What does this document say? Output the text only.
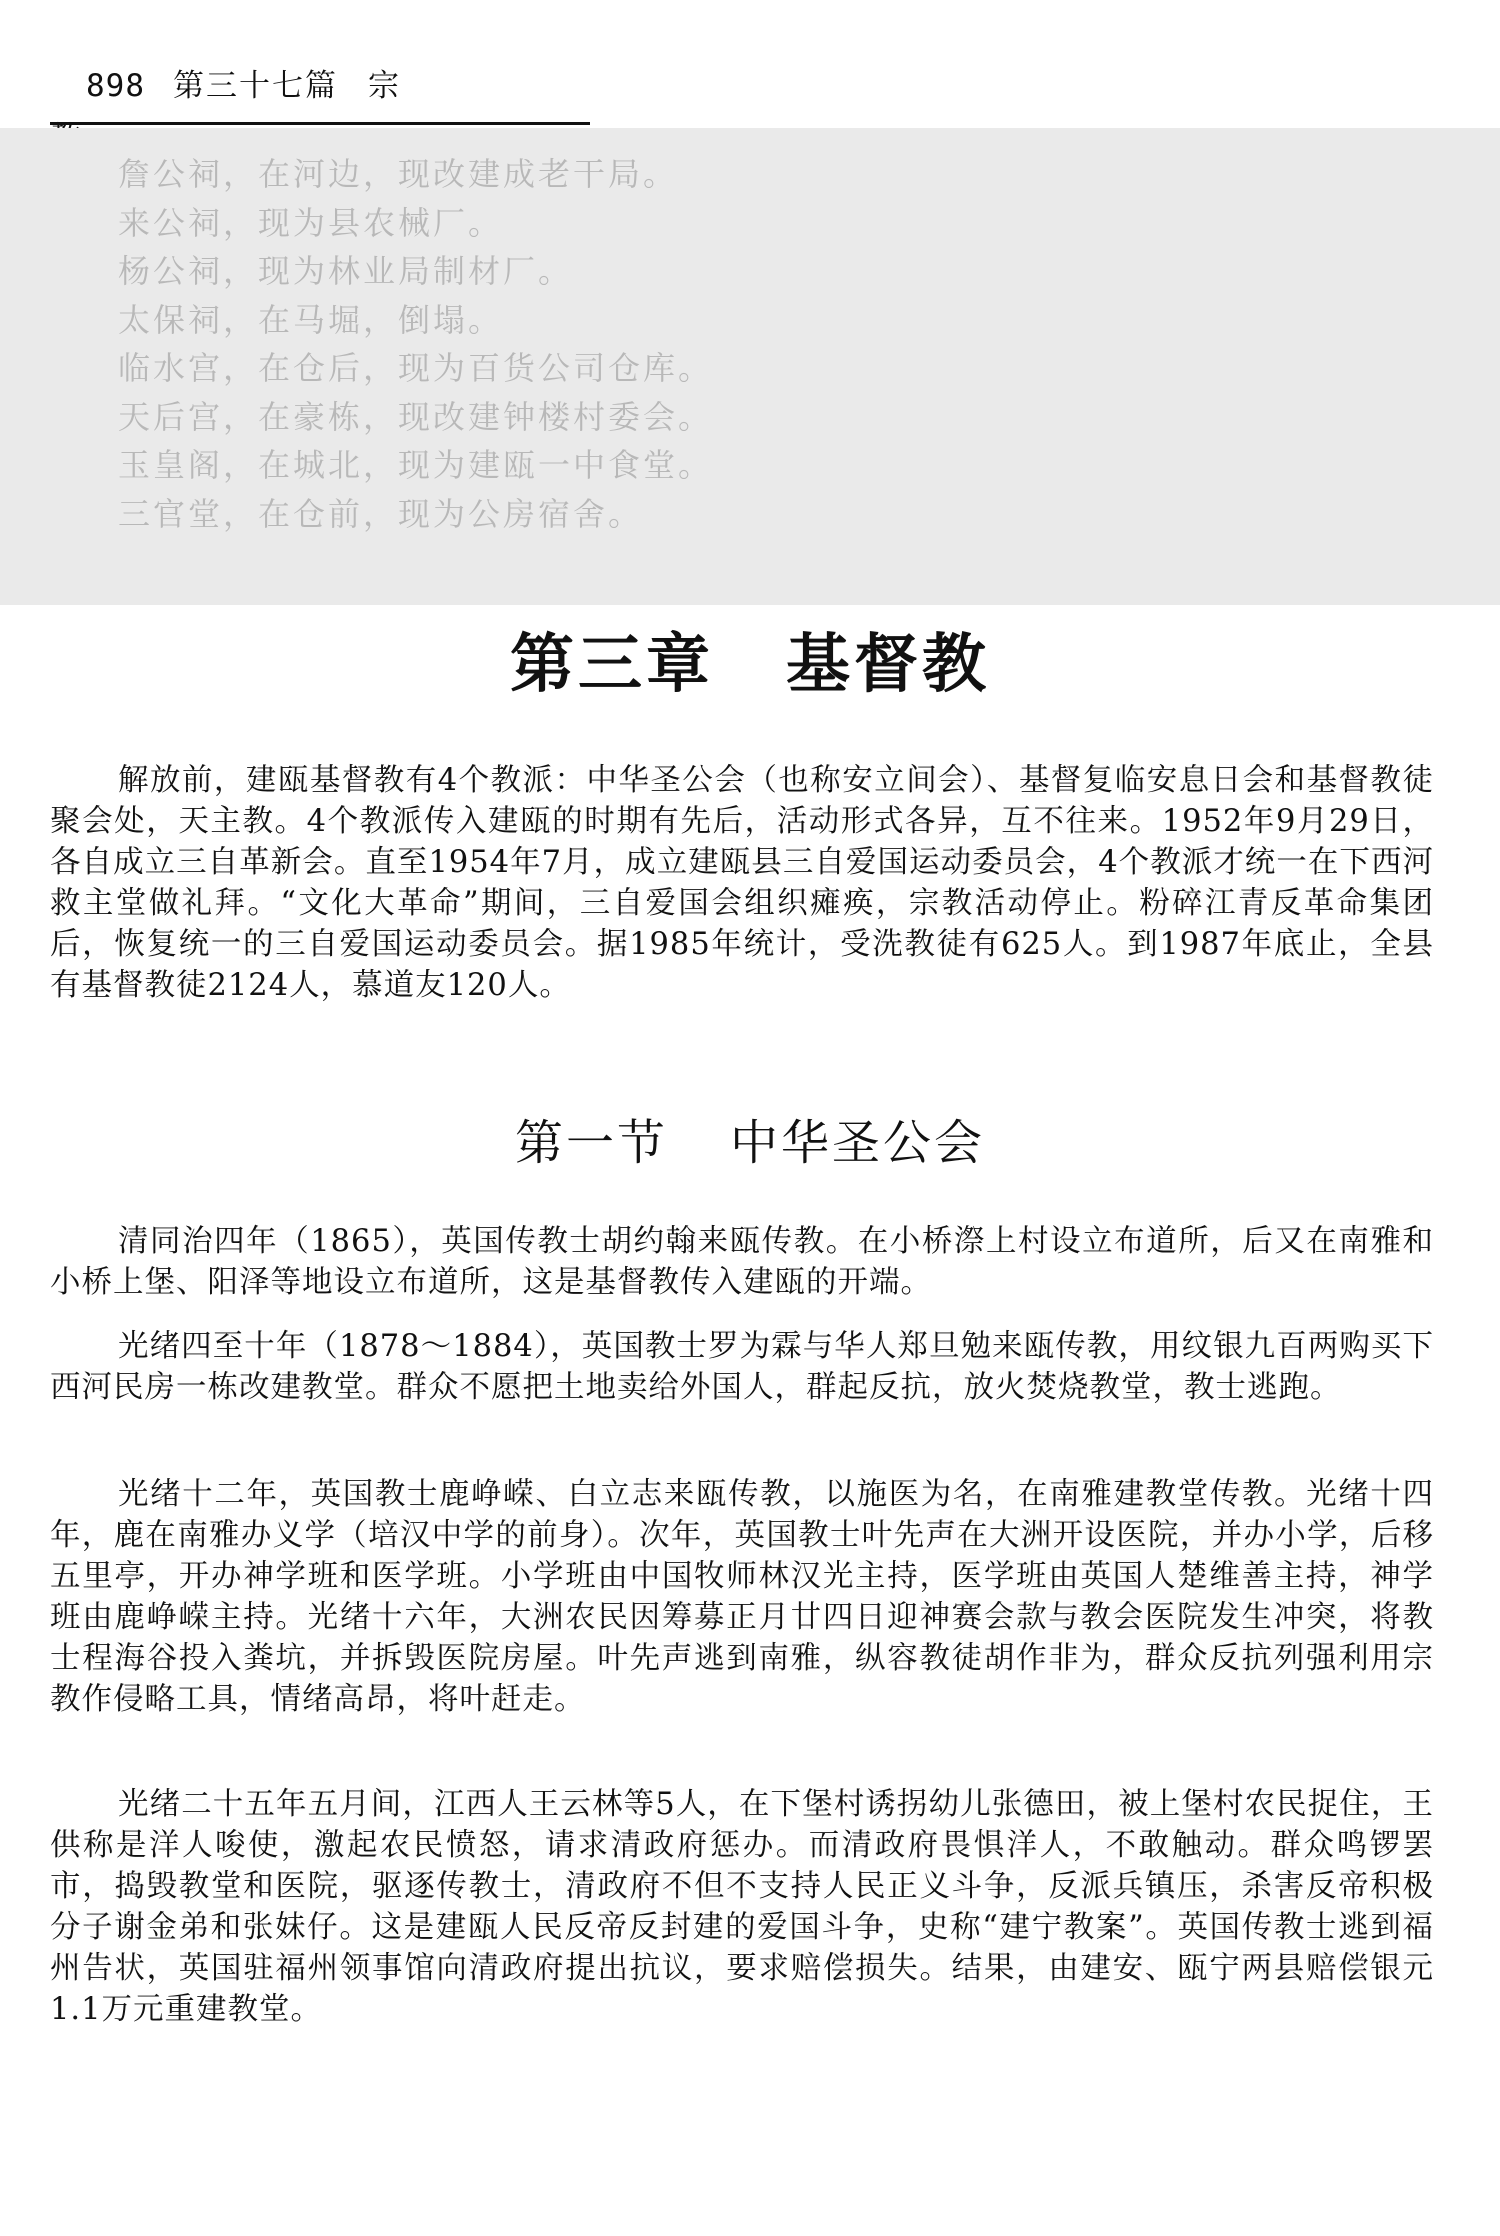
898 第三十七篇 宗
詹公祠，在河边，现改建成老干局。
来公祠，现为县农械厂。
杨公祠，现为林业局制材厂。
太保祠，在马堀，倒塌。
临水宫，在仓后，现为百货公司仓库。
天后宫，在豪栋，现改建钟楼村委会。
玉皇阁，在城北，现为建瓯一中食堂。
三官堂，在仓前，现为公房宿舍。
第三章 基督教

解放前，建瓯基督教有4个教派：中华圣公会（也称安立间会）、基督复临安息日会和基督教徒聚会处，天主教。4个教派传入建瓯的时期有先后，活动形式各异，互不往来。1952年9月29日，各自成立三自革新会。直至1954年7月，成立建瓯县三自爱国运动委员会，4个教派才统一在下西河救主堂做礼拜。“文化大革命”期间，三自爱国会组织瘫痪，宗教活动停止。粉碎江青反革命集团后，恢复统一的三自爱国运动委员会。据1985年统计，受洗教徒有625人。到1987年底止，全县有基督教徒2124人，慕道友120人。

第一节 中华圣公会

清同治四年（1865），英国传教士胡约翰来瓯传教。在小桥漈上村设立布道所，后又在南雅和小桥上堡、阳泽等地设立布道所，这是基督教传入建瓯的开端。

光绪四至十年（1878～1884），英国教士罗为霖与华人郑旦勉来瓯传教，用纹银九百两购买下西河民房一栋改建教堂。群众不愿把土地卖给外国人，群起反抗，放火焚烧教堂，教士逃跑。

光绪十二年，英国教士鹿峥嵘、白立志来瓯传教，以施医为名，在南雅建教堂传教。光绪十四年，鹿在南雅办义学（培汉中学的前身）。次年，英国教士叶先声在大洲开设医院，并办小学，后移五里亭，开办神学班和医学班。小学班由中国牧师林汉光主持，医学班由英国人楚维善主持，神学班由鹿峥嵘主持。光绪十六年，大洲农民因筹募正月廿四日迎神赛会款与教会医院发生冲突，将教士程海谷投入粪坑，并拆毁医院房屋。叶先声逃到南雅，纵容教徒胡作非为，群众反抗列强利用宗教作侵略工具，情绪高昂，将叶赶走。

光绪二十五年五月间，江西人王云林等5人，在下堡村诱拐幼儿张德田，被上堡村农民捉住，王供称是洋人唆使，激起农民愤怒，请求清政府惩办。而清政府畏惧洋人，不敢触动。群众鸣锣罢市，捣毁教堂和医院，驱逐传教士，清政府不但不支持人民正义斗争，反派兵镇压，杀害反帝积极分子谢金弟和张妹仔。这是建瓯人民反帝反封建的爱国斗争，史称“建宁教案”。英国传教士逃到福州告状，英国驻福州领事馆向清政府提出抗议，要求赔偿损失。结果，由建安、瓯宁两县赔偿银元1.1万元重建教堂。
